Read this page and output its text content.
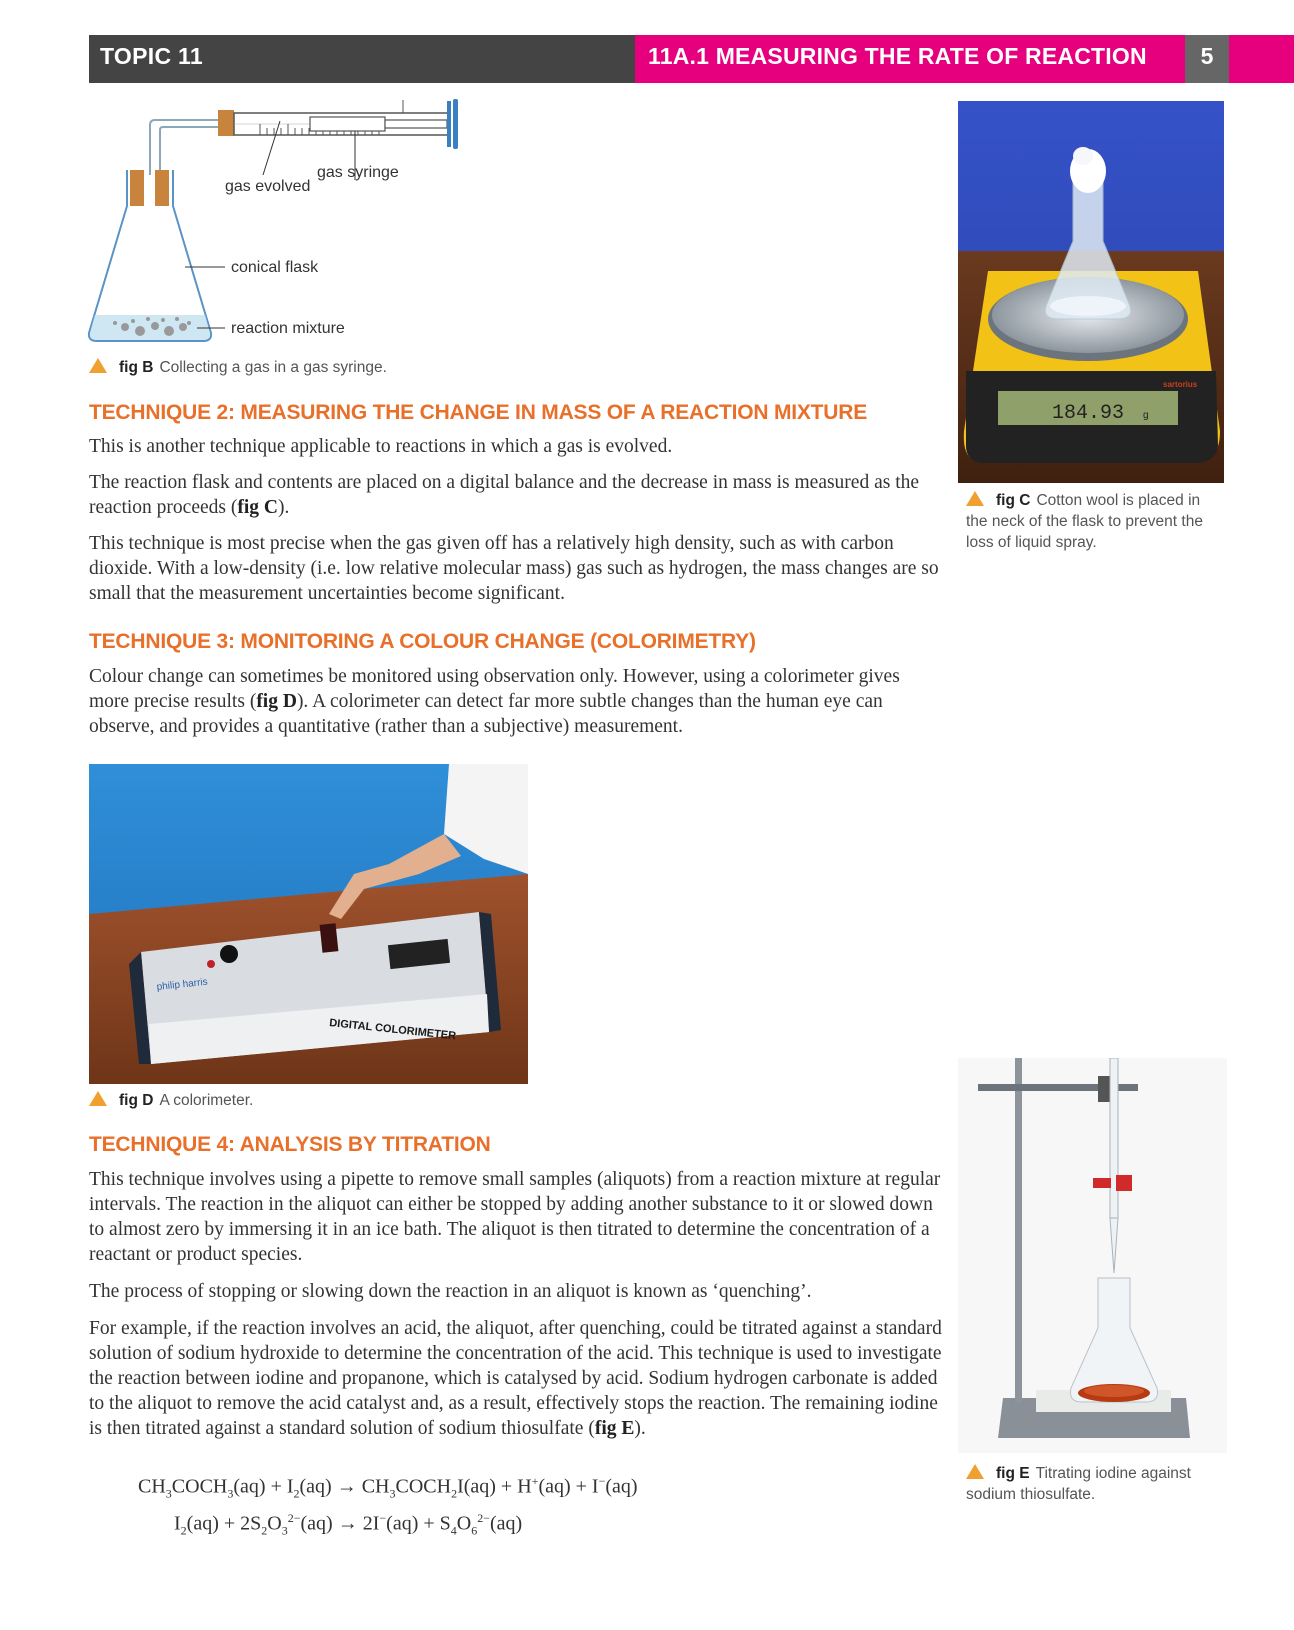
TOPIC 11	11A.1 MEASURING THE RATE OF REACTION	5
gas evolved
gas syringe
conical flask
reaction mixture
fig B Collecting a gas in a gas syringe.
TECHNIQUE 2: MEASURING THE CHANGE IN MASS OF A REACTION MIXTURE
This is another technique applicable to reactions in which a gas is evolved.
The reaction flask and contents are placed on a digital balance and the decrease in mass is measured as the reaction proceeds (fig C).
This technique is most precise when the gas given off has a relatively high density, such as with carbon dioxide. With a low-density (i.e. low relative molecular mass) gas such as hydrogen, the mass changes are so small that the measurement uncertainties become significant.
184.93 g
sartorius
fig C Cotton wool is placed in the neck of the flask to prevent the loss of liquid spray.
TECHNIQUE 3: MONITORING A COLOUR CHANGE (COLORIMETRY)
Colour change can sometimes be monitored using observation only. However, using a colorimeter gives more precise results (fig D). A colorimeter can detect far more subtle changes than the human eye can observe, and provides a quantitative (rather than a subjective) measurement.
DIGITAL COLORIMETER
philip harris
fig D A colorimeter.
TECHNIQUE 4: ANALYSIS BY TITRATION
This technique involves using a pipette to remove small samples (aliquots) from a reaction mixture at regular intervals. The reaction in the aliquot can either be stopped by adding another substance to it or slowed down to almost zero by immersing it in an ice bath. The aliquot is then titrated to determine the concentration of a reactant or product species.
The process of stopping or slowing down the reaction in an aliquot is known as ‘quenching’.
For example, if the reaction involves an acid, the aliquot, after quenching, could be titrated against a standard solution of sodium hydroxide to determine the concentration of the acid. This technique is used to investigate the reaction between iodine and propanone, which is catalysed by acid. Sodium hydrogen carbonate is added to the aliquot to remove the acid catalyst and, as a result, effectively stops the reaction. The remaining iodine is then titrated against a standard solution of sodium thiosulfate (fig E).
$CH_3COCH_3(aq) + I_2(aq)$ → $CH_3COCH_2I(aq) + H^+(aq) + I^-(aq)$
$I_2(aq) + 2S_2O_3^{2-}(aq) \to 2I^-(aq) + S_4O_6^{2-}(aq)$
fig E Titrating iodine against sodium thiosulfate.
